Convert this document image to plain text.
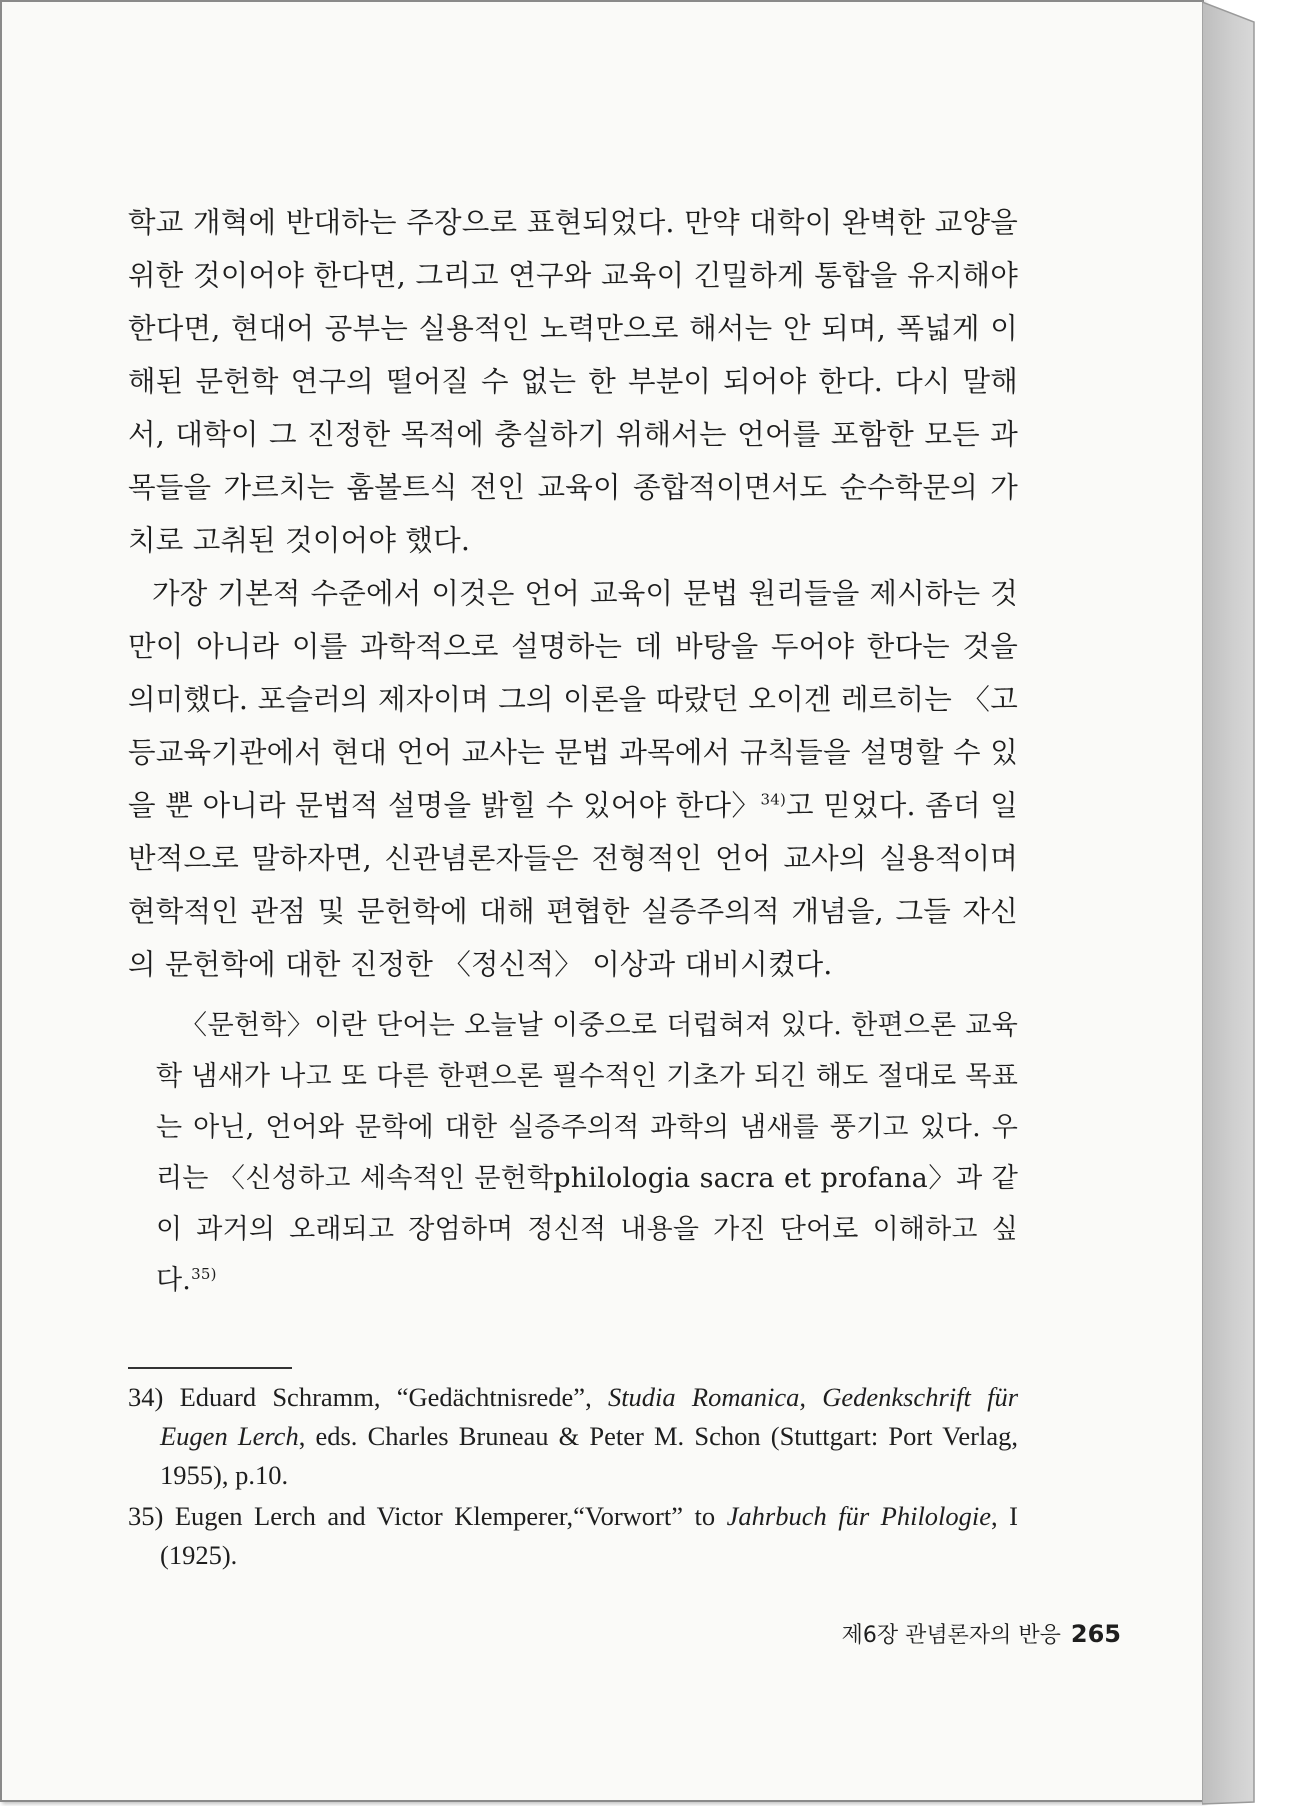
학교 개혁에 반대하는 주장으로 표현되었다. 만약 대학이 완벽한 교양을 위한 것이어야 한다면, 그리고 연구와 교육이 긴밀하게 통합을 유지해야 한다면, 현대어 공부는 실용적인 노력만으로 해서는 안 되며, 폭넓게 이해된 문헌학 연구의 떨어질 수 없는 한 부분이 되어야 한다. 다시 말해서, 대학이 그 진정한 목적에 충실하기 위해서는 언어를 포함한 모든 과목들을 가르치는 훔볼트식 전인 교육이 종합적이면서도 순수학문의 가치로 고취된 것이어야 했다.

가장 기본적 수준에서 이것은 언어 교육이 문법 원리들을 제시하는 것만이 아니라 이를 과학적으로 설명하는 데 바탕을 두어야 한다는 것을 의미했다. 포슬러의 제자이며 그의 이론을 따랐던 오이겐 레르히는 〈고등교육기관에서 현대 언어 교사는 문법 과목에서 규칙들을 설명할 수 있을 뿐 아니라 문법적 설명을 밝힐 수 있어야 한다〉$^{34)}$고 믿었다. 좀더 일반적으로 말하자면, 신관념론자들은 전형적인 언어 교사의 실용적이며 현학적인 관점 및 문헌학에 대해 편협한 실증주의적 개념을, 그들 자신의 문헌학에 대한 진정한 〈정신적〉 이상과 대비시켰다.

〈문헌학〉이란 단어는 오늘날 이중으로 더럽혀져 있다. 한편으론 교육학 냄새가 나고 또 다른 한편으론 필수적인 기초가 되긴 해도 절대로 목표는 아닌, 언어와 문학에 대한 실증주의적 과학의 냄새를 풍기고 있다. 우리는 〈신성하고 세속적인 문헌학philologia sacra et profana〉과 같이 과거의 오래되고 장엄하며 정신적 내용을 가진 단어로 이해하고 싶다.$^{35)}$

34) Eduard Schramm, “Gedächtnisrede”, Studia Romanica, Gedenkschrift für Eugen Lerch, eds. Charles Bruneau & Peter M. Schon (Stuttgart: Port Verlag, 1955), p.10.

35) Eugen Lerch and Victor Klemperer,“Vorwort” to Jahrbuch für Philologie, I (1925).

제6장 관념론자의 반응 265
